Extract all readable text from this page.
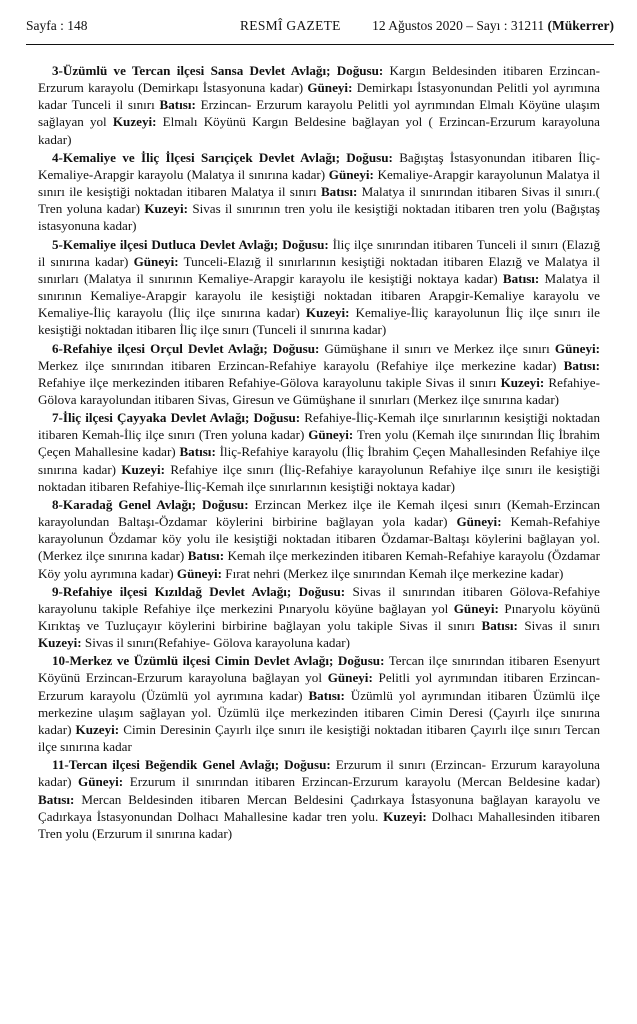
Sayfa : 148	RESMÎ GAZETE 12 Ağustos 2020 – Sayı : 31211 (Mükerrer)

3-Üzümlü ve Tercan ilçesi Sansa Devlet Avlağı; Doğusu: Kargın Beldesinden itibaren Erzincan-Erzurum karayolu (Demirkapı İstasyonuna kadar) Güneyi: Demirkapı İstasyonundan Pelitli yol ayrımına kadar Tunceli il sınırı Batısı: Erzincan- Erzurum karayolu Pelitli yol ayrımından Elmalı Köyüne ulaşım sağlayan yol Kuzeyi: Elmalı Köyünü Kargın Beldesine bağlayan yol ( Erzincan-Erzurum karayoluna kadar)

4-Kemaliye ve İliç İlçesi Sarıçiçek Devlet Avlağı; Doğusu: Bağıştaş İstasyonundan itibaren İliç-Kemaliye-Arapgir karayolu (Malatya il sınırına kadar) Güneyi: Kemaliye-Arapgir karayolunun Malatya il sınırı ile kesiştiği noktadan itibaren Malatya il sınırı Batısı: Malatya il sınırından itibaren Sivas il sınırı.( Tren yoluna kadar) Kuzeyi: Sivas il sınırının tren yolu ile kesiştiği noktadan itibaren tren yolu (Bağıştaş istasyonuna kadar)

5-Kemaliye ilçesi Dutluca Devlet Avlağı; Doğusu: İliç ilçe sınırından itibaren Tunceli il sınırı (Elazığ il sınırına kadar) Güneyi: Tunceli-Elazığ il sınırlarının kesiştiği noktadan itibaren Elazığ ve Malatya il sınırları (Malatya il sınırının Kemaliye-Arapgir karayolu ile kesiştiği noktaya kadar) Batısı: Malatya il sınırının Kemaliye-Arapgir karayolu ile kesiştiği noktadan itibaren Arapgir-Kemaliye karayolu ve Kemaliye-İliç karayolu (İliç ilçe sınırına kadar) Kuzeyi: Kemaliye-İliç karayolunun İliç ilçe sınırı ile kesiştiği noktadan itibaren İliç ilçe sınırı (Tunceli il sınırına kadar)

6-Refahiye ilçesi Orçul Devlet Avlağı; Doğusu: Gümüşhane il sınırı ve Merkez ilçe sınırı Güneyi: Merkez ilçe sınırından itibaren Erzincan-Refahiye karayolu (Refahiye ilçe merkezine kadar) Batısı: Refahiye ilçe merkezinden itibaren Refahiye-Gölova karayolunu takiple Sivas il sınırı Kuzeyi: Refahiye-Gölova karayolundan itibaren Sivas, Giresun ve Gümüşhane il sınırları (Merkez ilçe sınırına kadar)

7-İliç ilçesi Çayyaka Devlet Avlağı; Doğusu: Refahiye-İliç-Kemah ilçe sınırlarının kesiştiği noktadan itibaren Kemah-İliç ilçe sınırı (Tren yoluna kadar) Güneyi: Tren yolu (Kemah ilçe sınırından İliç İbrahim Çeçen Mahallesine kadar) Batısı: İliç-Refahiye karayolu (İliç İbrahim Çeçen Mahallesinden Refahiye ilçe sınırına kadar) Kuzeyi: Refahiye ilçe sınırı (İliç-Refahiye karayolunun Refahiye ilçe sınırı ile kesiştiği noktadan itibaren Refahiye-İliç-Kemah ilçe sınırlarının kesiştiği noktaya kadar)

8-Karadağ Genel Avlağı; Doğusu: Erzincan Merkez ilçe ile Kemah ilçesi sınırı (Kemah-Erzincan karayolundan Baltaşı-Özdamar köylerini birbirine bağlayan yola kadar) Güneyi: Kemah-Refahiye karayolunun Özdamar köy yolu ile kesiştiği noktadan itibaren Özdamar-Baltaşı köylerini bağlayan yol. (Merkez ilçe sınırına kadar) Batısı: Kemah ilçe merkezinden itibaren Kemah-Refahiye karayolu (Özdamar Köy yolu ayrımına kadar) Güneyi: Fırat nehri (Merkez ilçe sınırından Kemah ilçe merkezine kadar)

9-Refahiye ilçesi Kızıldağ Devlet Avlağı; Doğusu: Sivas il sınırından itibaren Gölova-Refahiye karayolunu takiple Refahiye ilçe merkezini Pınaryolu köyüne bağlayan yol Güneyi: Pınaryolu köyünü Kırıktaş ve Tuzluçayır köylerini birbirine bağlayan yolu takiple Sivas il sınırı Batısı: Sivas il sınırı Kuzeyi: Sivas il sınırı(Refahiye- Gölova karayoluna kadar)

10-Merkez ve Üzümlü ilçesi Cimin Devlet Avlağı; Doğusu: Tercan ilçe sınırından itibaren Esenyurt Köyünü Erzincan-Erzurum karayoluna bağlayan yol Güneyi: Pelitli yol ayrımından itibaren Erzincan-Erzurum karayolu (Üzümlü yol ayrımına kadar) Batısı: Üzümlü yol ayrımından itibaren Üzümlü ilçe merkezine ulaşım sağlayan yol. Üzümlü ilçe merkezinden itibaren Cimin Deresi (Çayırlı ilçe sınırına kadar) Kuzeyi: Cimin Deresinin Çayırlı ilçe sınırı ile kesiştiği noktadan itibaren Çayırlı ilçe sınırı Tercan ilçe sınırına kadar

11-Tercan ilçesi Beğendik Genel Avlağı; Doğusu: Erzurum il sınırı (Erzincan- Erzurum karayoluna kadar) Güneyi: Erzurum il sınırından itibaren Erzincan-Erzurum karayolu (Mercan Beldesine kadar) Batısı: Mercan Beldesinden itibaren Mercan Beldesini Çadırkaya İstasyonuna bağlayan karayolu ve Çadırkaya İstasyonundan Dolhacı Mahallesine kadar tren yolu. Kuzeyi: Dolhacı Mahallesinden itibaren Tren yolu (Erzurum il sınırına kadar)
